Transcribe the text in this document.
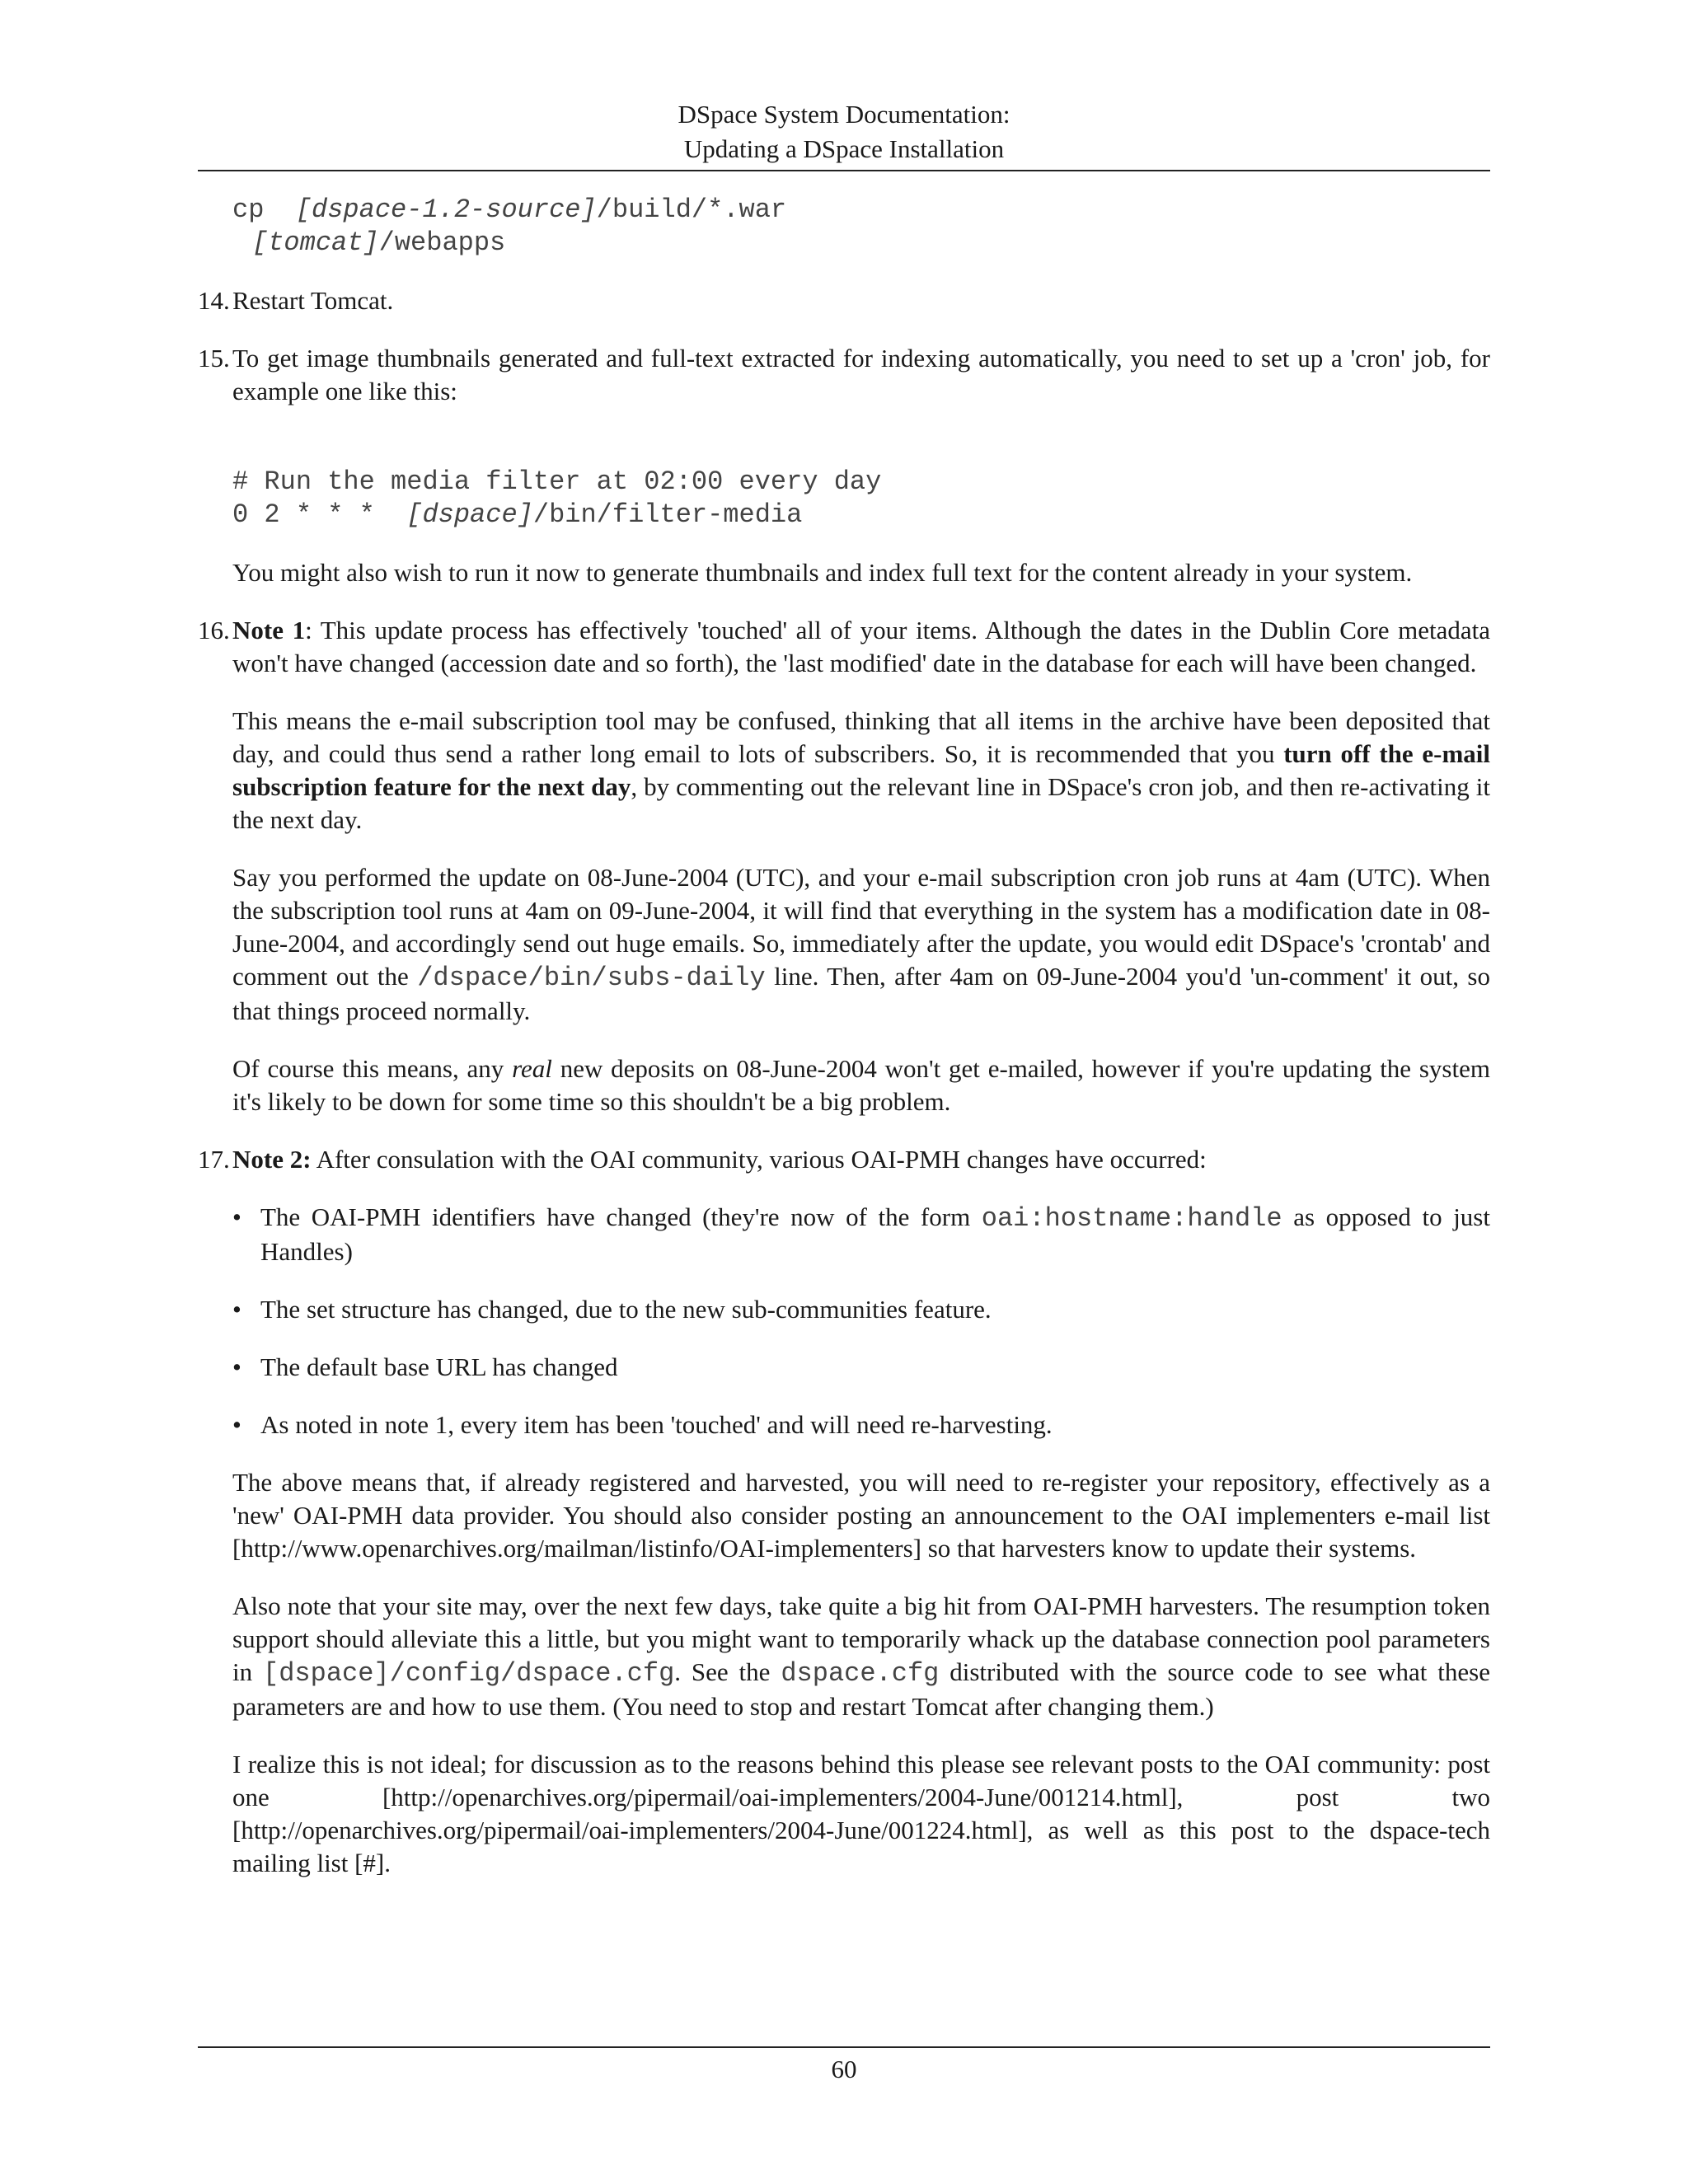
DSpace System Documentation:
Updating a DSpace Installation
cp [dspace-1.2-source]/build/*.war
[tomcat]/webapps
14. Restart Tomcat.

15. To get image thumbnails generated and full-text extracted for indexing automatically, you need to set up a 'cron' job, for example one like this:

# Run the media filter at 02:00 every day
0 2 * * * [dspace]/bin/filter-media

You might also wish to run it now to generate thumbnails and index full text for the content already in your system.

16. Note 1: This update process has effectively 'touched' all of your items. Although the dates in the Dublin Core metadata won't have changed (accession date and so forth), the 'last modified' date in the database for each will have been changed.

This means the e-mail subscription tool may be confused, thinking that all items in the archive have been deposited that day, and could thus send a rather long email to lots of subscribers. So, it is recommended that you turn off the e-mail subscription feature for the next day, by commenting out the relevant line in DSpace's cron job, and then re-activating it the next day.

Say you performed the update on 08-June-2004 (UTC), and your e-mail subscription cron job runs at 4am (UTC). When the subscription tool runs at 4am on 09-June-2004, it will find that everything in the system has a modification date in 08-June-2004, and accordingly send out huge emails. So, immediately after the update, you would edit DSpace's 'crontab' and comment out the /dspace/bin/subs-daily line. Then, after 4am on 09-June-2004 you'd 'un-comment' it out, so that things proceed normally.

Of course this means, any real new deposits on 08-June-2004 won't get e-mailed, however if you're updating the system it's likely to be down for some time so this shouldn't be a big problem.

17. Note 2: After consulation with the OAI community, various OAI-PMH changes have occurred:

• The OAI-PMH identifiers have changed (they're now of the form oai:hostname:handle as opposed to just Handles)
• The set structure has changed, due to the new sub-communities feature.
• The default base URL has changed
• As noted in note 1, every item has been 'touched' and will need re-harvesting.

The above means that, if already registered and harvested, you will need to re-register your repository, effectively as a 'new' OAI-PMH data provider. You should also consider posting an announcement to the OAI implementers e-mail list [http://www.openarchives.org/mailman/listinfo/OAI-implementers] so that harvesters know to update their systems.

Also note that your site may, over the next few days, take quite a big hit from OAI-PMH harvesters. The resumption token support should alleviate this a little, but you might want to temporarily whack up the database connection pool parameters in [dspace]/config/dspace.cfg. See the dspace.cfg distributed with the source code to see what these parameters are and how to use them. (You need to stop and restart Tomcat after changing them.)

I realize this is not ideal; for discussion as to the reasons behind this please see relevant posts to the OAI community: post one [http://openarchives.org/pipermail/oai-implementers/2004-June/001214.html], post two [http://openarchives.org/pipermail/oai-implementers/2004-June/001224.html], as well as this post to the dspace-tech mailing list [#].

60
